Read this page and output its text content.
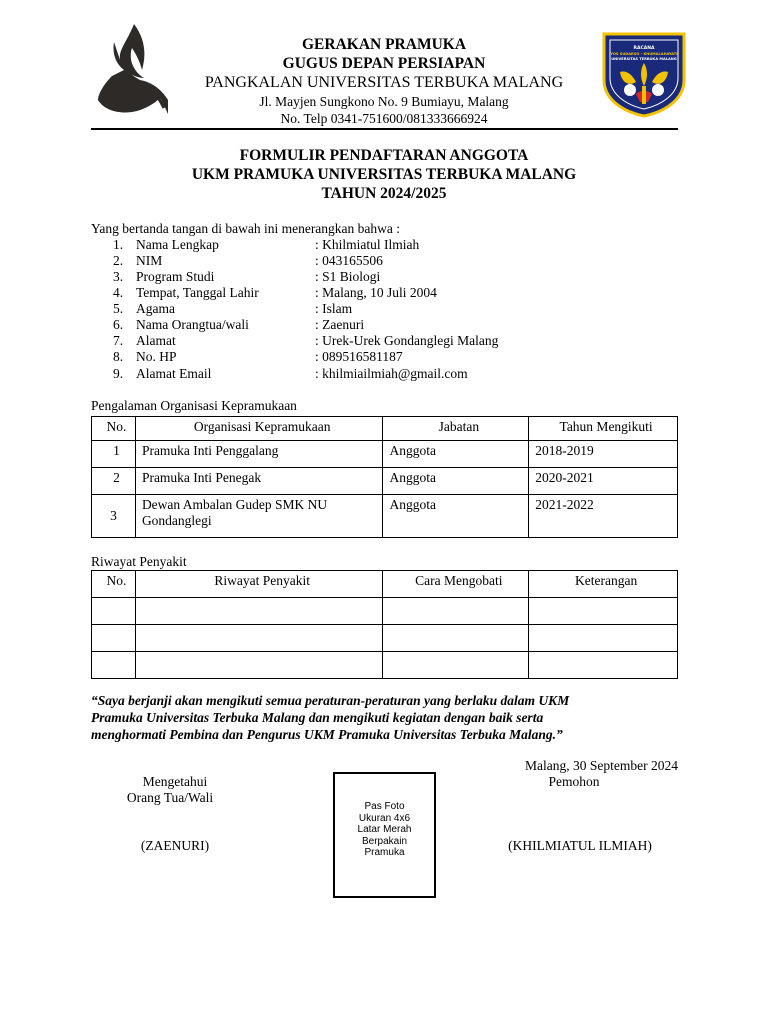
RACANA
YOS SUDARSO - KHUMALAHAYATI
UNIVERSITAS TERBUKA MALANG
GERAKAN PRAMUKA
GUGUS DEPAN PERSIAPAN
PANGKALAN UNIVERSITAS TERBUKA MALANG
Jl. Mayjen Sungkono No. 9 Bumiayu, Malang
No. Telp 0341-751600/081333666924
FORMULIR PENDAFTARAN ANGGOTA
UKM PRAMUKA UNIVERSITAS TERBUKA MALANG
TAHUN 2024/2025
Yang bertanda tangan di bawah ini menerangkan bahwa :
1. Nama Lengkap	: Khilmiatul Ilmiah
2. NIM	: 043165506
3. Program Studi	: S1 Biologi
4. Tempat, Tanggal Lahir	: Malang, 10 Juli 2004
5. Agama	: Islam
6. Nama Orangtua/wali	: Zaenuri
7. Alamat	: Urek-Urek Gondanglegi Malang
8. No. HP	: 089516581187
9. Alamat Email	: khilmiailmiah@gmail.com
Pengalaman Organisasi Kepramukaan
No.	Organisasi Kepramukaan	Jabatan	Tahun Mengikuti
1	Pramuka Inti Penggalang	Anggota	2018-2019
2	Pramuka Inti Penegak	Anggota	2020-2021
3	Dewan Ambalan Gudep SMK NU
Gondanglegi	Anggota	2021-2022
Riwayat Penyakit
No.	Riwayat Penyakit	Cara Mengobati	Keterangan

“Saya berjanji akan mengikuti semua peraturan-peraturan yang berlaku dalam UKM
Pramuka Universitas Terbuka Malang dan mengikuti kegiatan dengan baik serta
menghormati Pembina dan Pengurus UKM Pramuka Universitas Terbuka Malang.”
Malang, 30 September 2024
Pemohon
Mengetahui
Orang Tua/Wali
Pas Foto
Ukuran 4x6
Latar Merah
Berpakain
Pramuka
(ZAENURI)	(KHILMIATUL ILMIAH)
